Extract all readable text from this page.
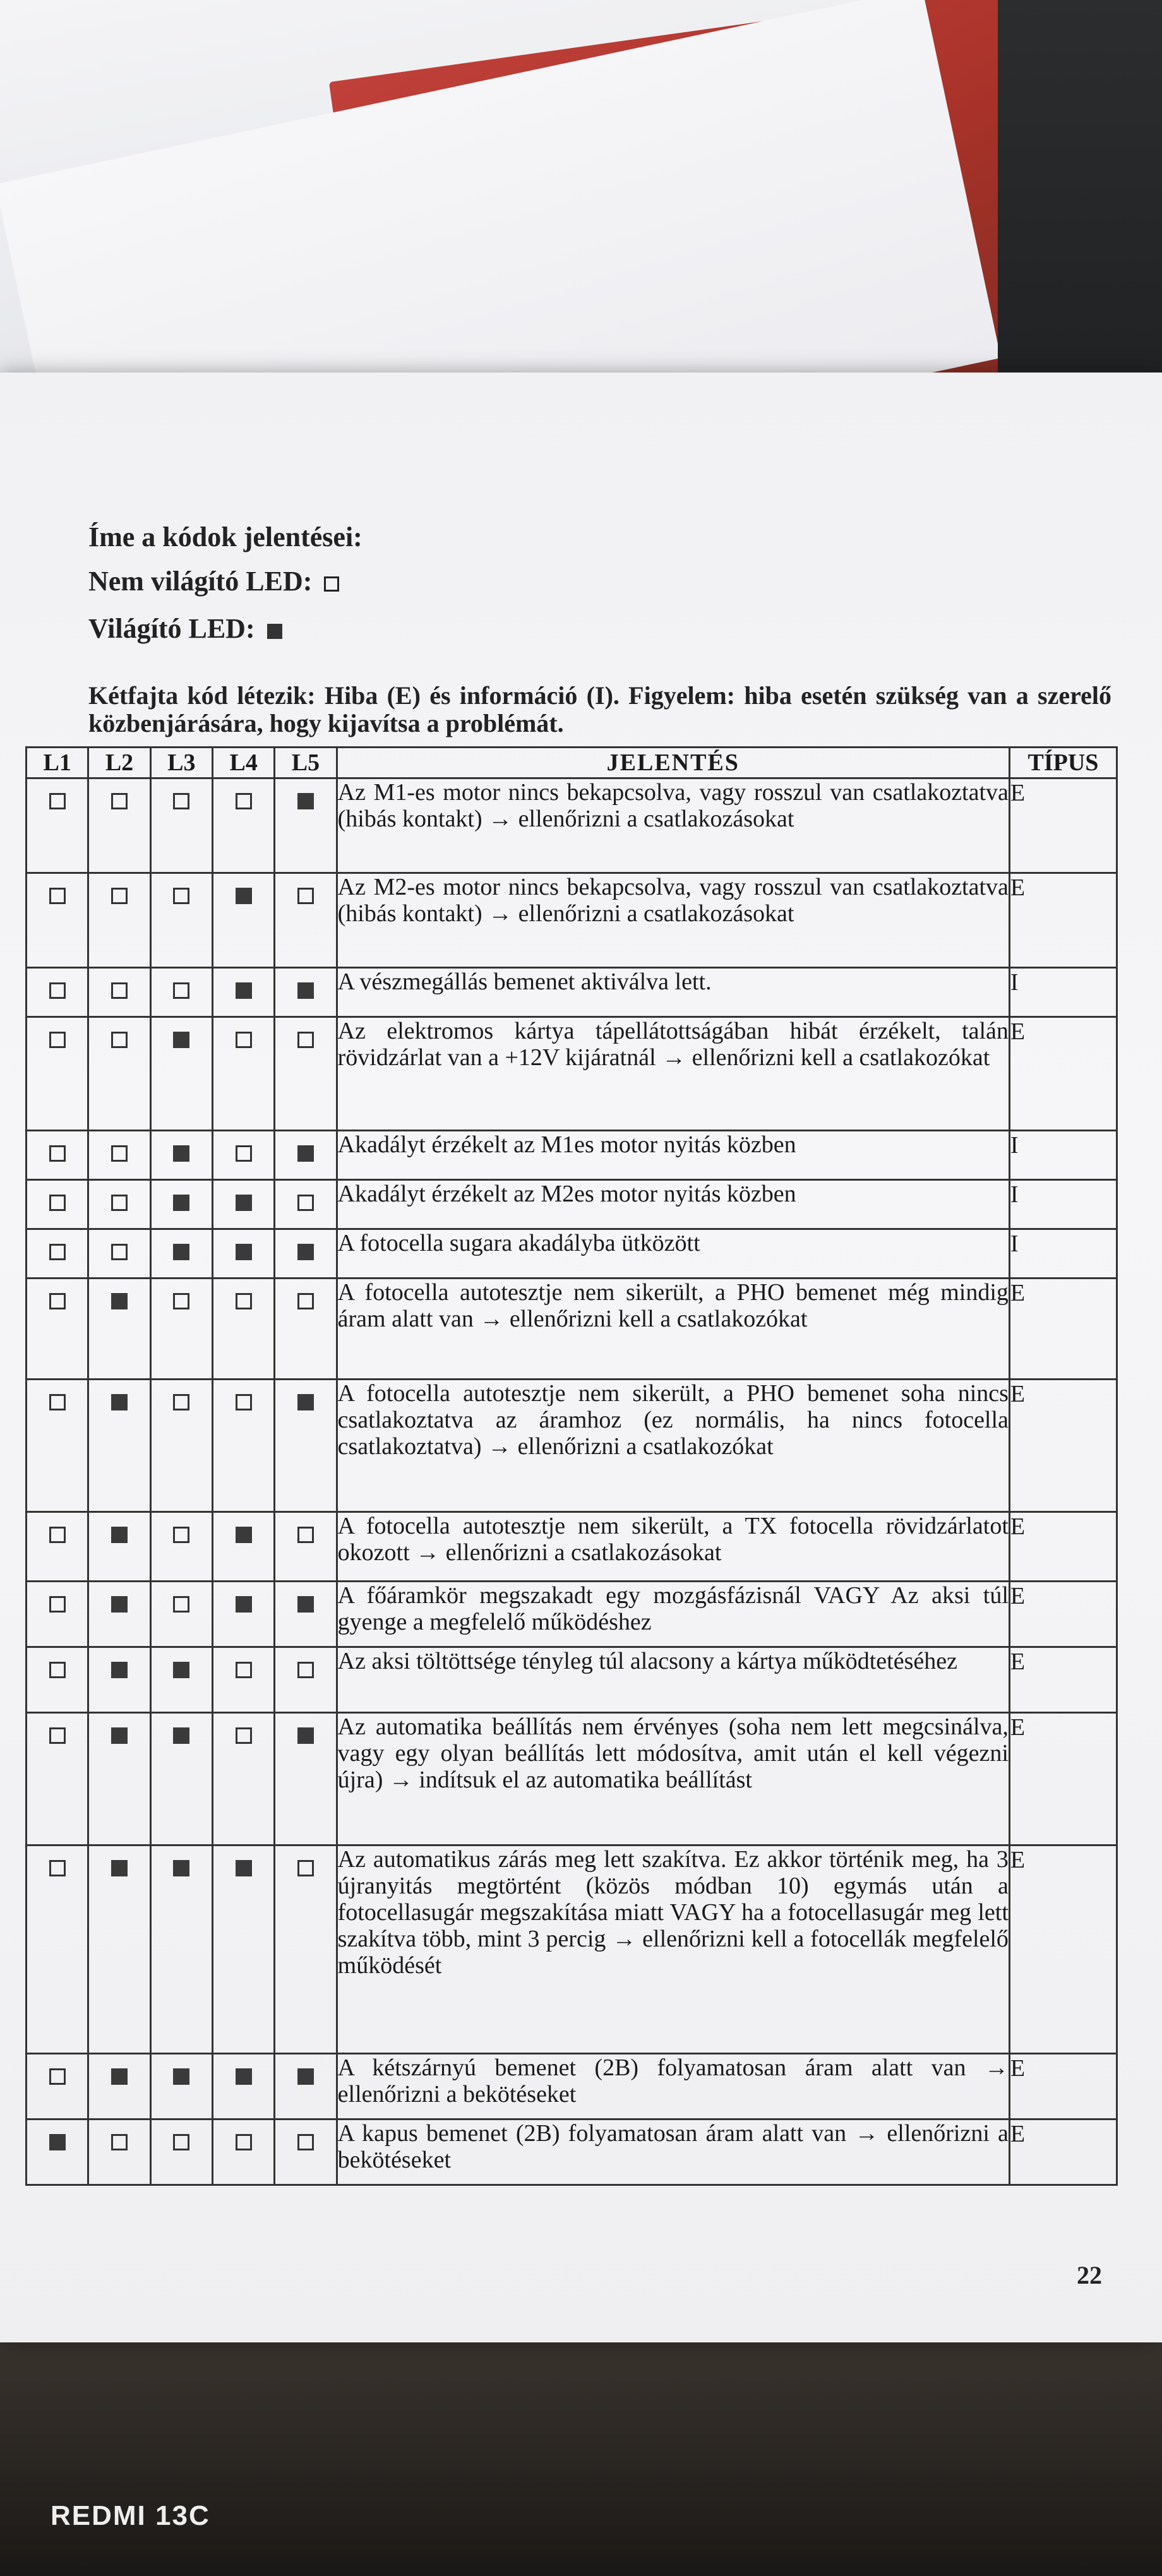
Íme a kódok jelentései:
Nem világító LED:
Világító LED:
Kétfajta kód létezik: Hiba (E) és információ (I). Figyelem: hiba esetén szükség van a szerelő közbenjárására, hogy kijavítsa a problémát.
L1	L2	L3	L4	L5	JELENTÉS	TÍPUS
					Az M1-es motor nincs bekapcsolva, vagy rosszul van csatlakoztatva (hibás kontakt) → ellenőrizni a csatlakozásokat	E
					Az M2-es motor nincs bekapcsolva, vagy rosszul van csatlakoztatva (hibás kontakt) → ellenőrizni a csatlakozásokat	E
					A vészmegállás bemenet aktiválva lett.	I
					Az elektromos kártya tápellátottságában hibát érzékelt, talán rövidzárlat van a +12V kijáratnál → ellenőrizni kell a csatlakozókat	E
					Akadályt érzékelt az M1es motor nyitás közben	I
					Akadályt érzékelt az M2es motor nyitás közben	I
					A fotocella sugara akadályba ütközött	I
					A fotocella autotesztje nem sikerült, a PHO bemenet még mindig áram alatt van → ellenőrizni kell a csatlakozókat	E
					A fotocella autotesztje nem sikerült, a PHO bemenet soha nincs csatlakoztatva az áramhoz (ez normális, ha nincs fotocella csatlakoztatva) → ellenőrizni a csatlakozókat	E
					A fotocella autotesztje nem sikerült, a TX fotocella rövidzárlatot okozott → ellenőrizni a csatlakozásokat	E
					A főáramkör megszakadt egy mozgásfázisnál VAGY Az aksi túl gyenge a megfelelő működéshez	E
					Az aksi töltöttsége tényleg túl alacsony a kártya működtetéséhez	E
					Az automatika beállítás nem érvényes (soha nem lett megcsinálva, vagy egy olyan beállítás lett módosítva, amit után el kell végezni újra) → indítsuk el az automatika beállítást	E
					Az automatikus zárás meg lett szakítva. Ez akkor történik meg, ha 3 újranyitás megtörtént (közös módban 10) egymás után a fotocellasugár megszakítása miatt VAGY ha a fotocellasugár meg lett szakítva több, mint 3 percig → ellenőrizni kell a fotocellák megfelelő működését	E
					A kétszárnyú bemenet (2B) folyamatosan áram alatt van → ellenőrizni a bekötéseket	E
					A kapus bemenet (2B) folyamatosan áram alatt van → ellenőrizni a bekötéseket	E
22
REDMI 13C
